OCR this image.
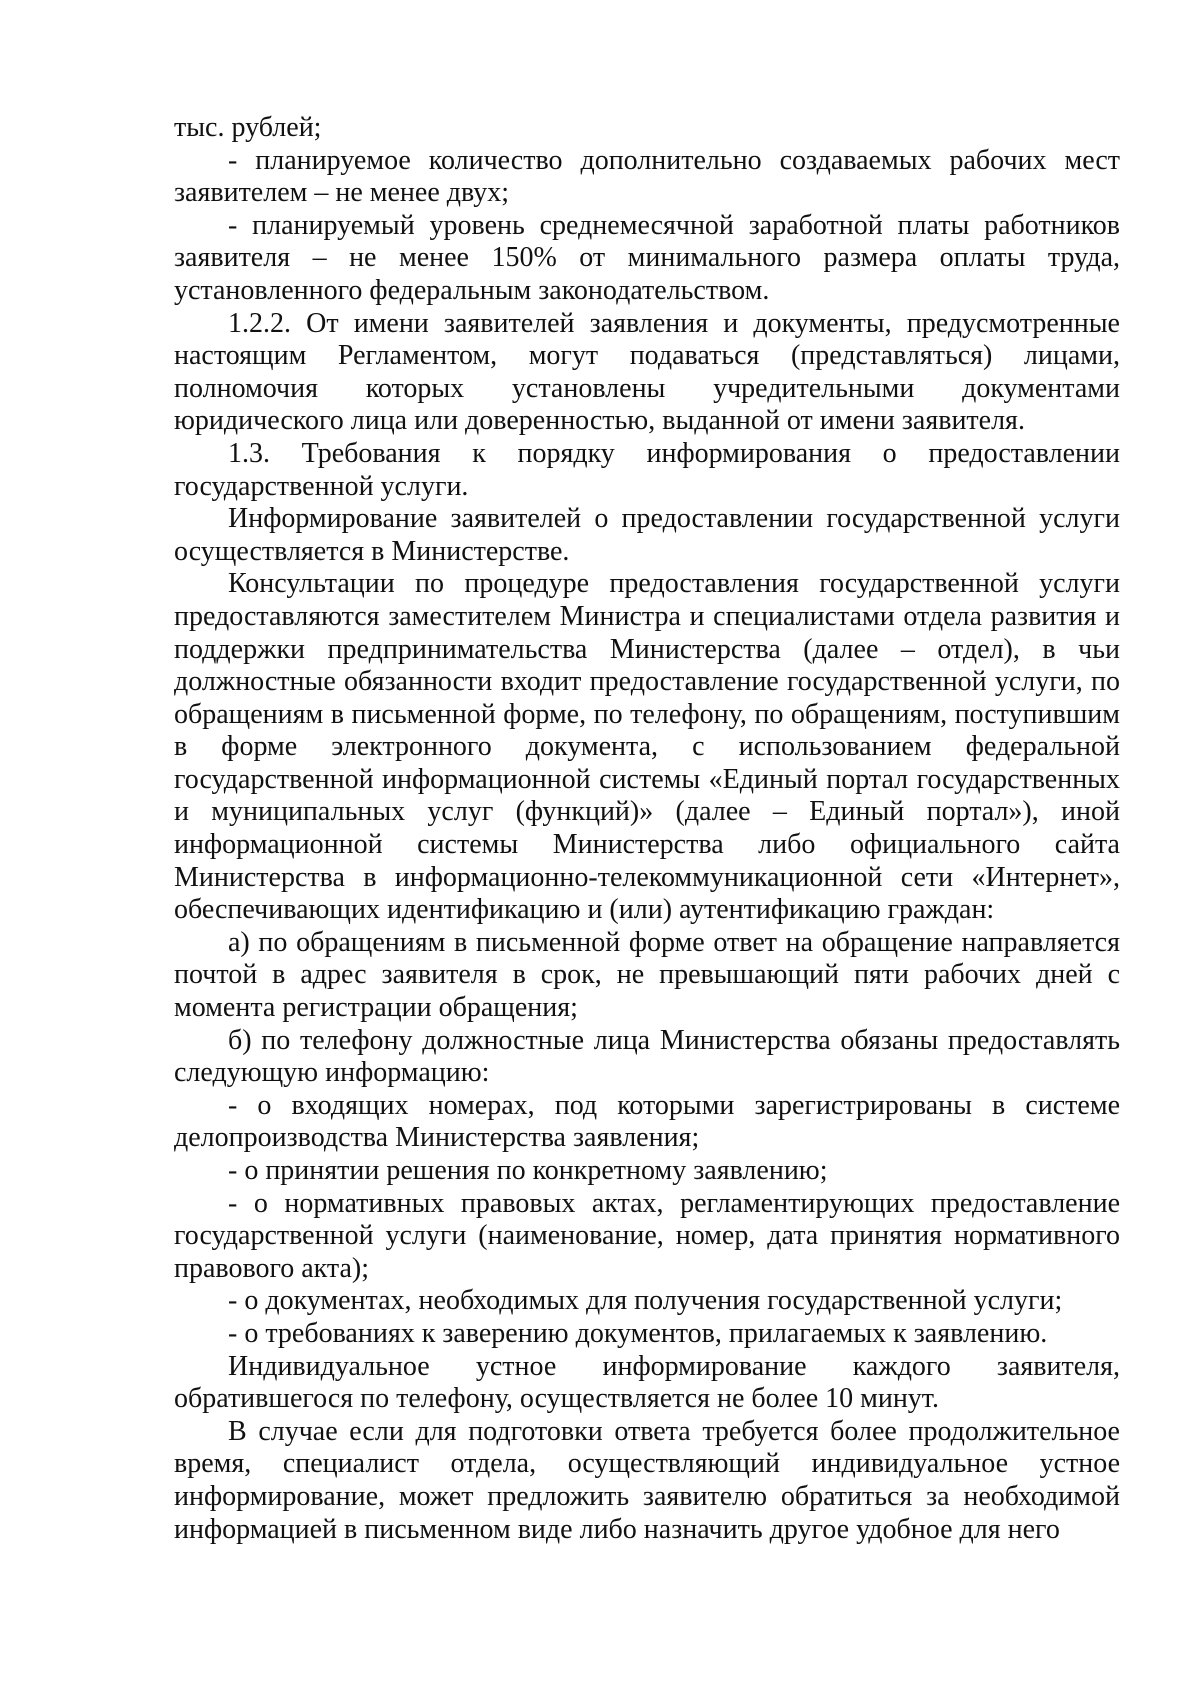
тыс. рублей;

- планируемое количество дополнительно создаваемых рабочих мест заявителем – не менее двух;

- планируемый уровень среднемесячной заработной платы работников заявителя – не менее 150% от минимального размера оплаты труда, установленного федеральным законодательством.

1.2.2. От имени заявителей заявления и документы, предусмотренные настоящим Регламентом, могут подаваться (представляться) лицами, полномочия которых установлены учредительными документами юридического лица или доверенностью, выданной от имени заявителя.

1.3. Требования к порядку информирования о предоставлении государственной услуги.

Информирование заявителей о предоставлении государственной услуги осуществляется в Министерстве.

Консультации по процедуре предоставления государственной услуги предоставляются заместителем Министра и специалистами отдела развития и поддержки предпринимательства Министерства (далее – отдел), в чьи должностные обязанности входит предоставление государственной услуги, по обращениям в письменной форме, по телефону, по обращениям, поступившим в форме электронного документа, с использованием федеральной государственной информационной системы «Единый портал государственных и муниципальных услуг (функций)» (далее – Единый портал»), иной информационной системы Министерства либо официального сайта Министерства в информационно-телекоммуникационной сети «Интернет», обеспечивающих идентификацию и (или) аутентификацию граждан:

а) по обращениям в письменной форме ответ на обращение направляется почтой в адрес заявителя в срок, не превышающий пяти рабочих дней с момента регистрации обращения;

б) по телефону должностные лица Министерства обязаны предоставлять следующую информацию:

- о входящих номерах, под которыми зарегистрированы в системе делопроизводства Министерства заявления;

- о принятии решения по конкретному заявлению;

- о нормативных правовых актах, регламентирующих предоставление государственной услуги (наименование, номер, дата принятия нормативного правового акта);

- о документах, необходимых для получения государственной услуги;

- о требованиях к заверению документов, прилагаемых к заявлению.

Индивидуальное устное информирование каждого заявителя, обратившегося по телефону, осуществляется не более 10 минут.

В случае если для подготовки ответа требуется более продолжительное время, специалист отдела, осуществляющий индивидуальное устное информирование, может предложить заявителю обратиться за необходимой информацией в письменном виде либо назначить другое удобное для него
